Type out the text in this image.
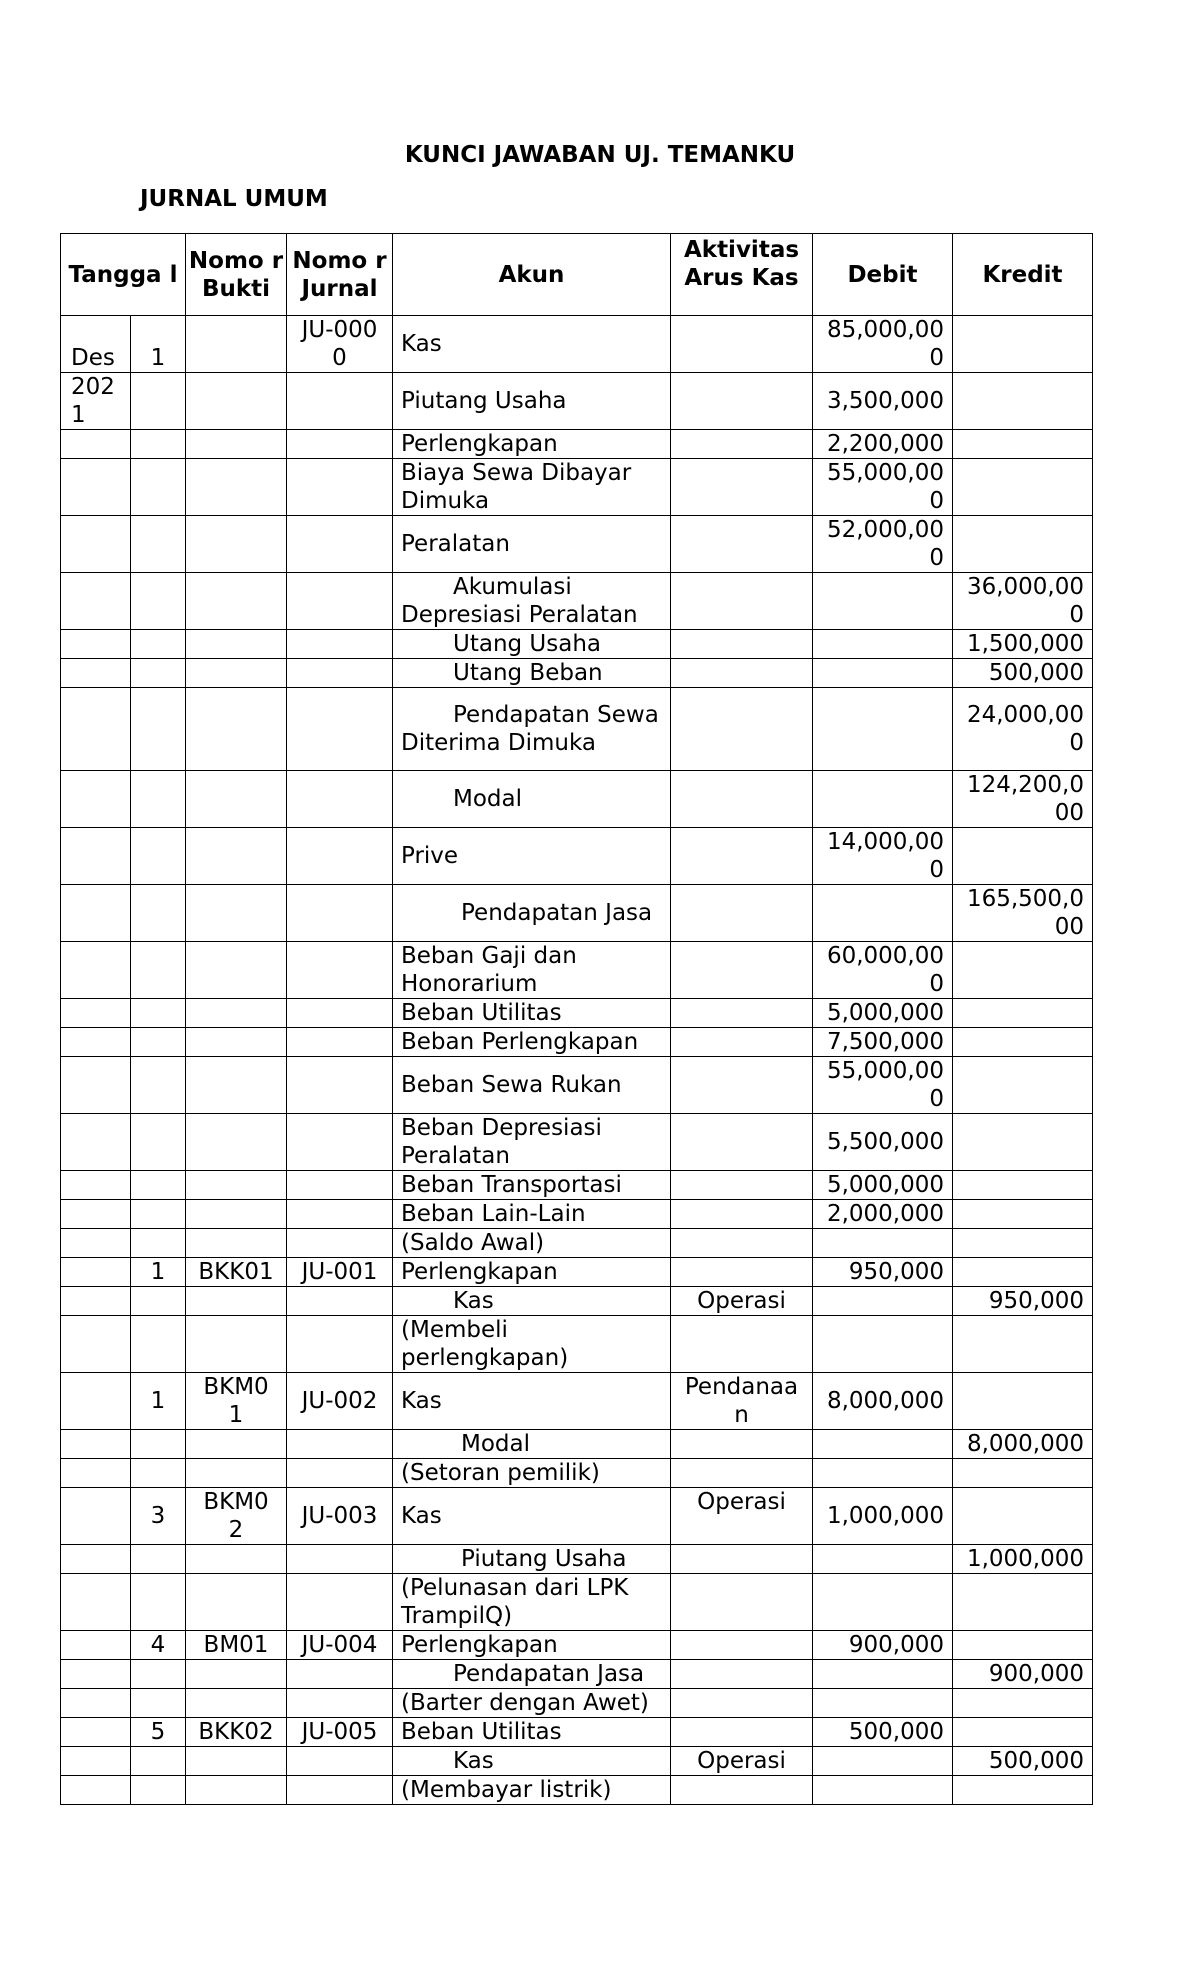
KUNCI JAWABAN UJ. TEMANKU
JURNAL UMUM
Tangga l		Nomo r Bukti	Nomo r Jurnal	Akun	Aktivitas Arus Kas	Debit	Kredit
Des	1		JU-0000	Kas		85,000,000	
2021				Piutang Usaha		3,500,000	
				Perlengkapan		2,200,000	
				Biaya Sewa Dibayar Dimuka		55,000,000	
				Peralatan		52,000,000	
				Akumulasi Depresiasi Peralatan			36,000,000
				Utang Usaha			1,500,000
				Utang Beban			500,000
				Pendapatan Sewa Diterima Dimuka			24,000,000
				Modal			124,200,000
				Prive		14,000,000	
				Pendapatan Jasa			165,500,000
				Beban Gaji dan Honorarium		60,000,000	
				Beban Utilitas		5,000,000	
				Beban Perlengkapan		7,500,000	
				Beban Sewa Rukan		55,000,000	
				Beban Depresiasi Peralatan		5,500,000	
				Beban Transportasi		5,000,000	
				Beban Lain-Lain		2,000,000	
				(Saldo Awal)			
	1	BKK01	JU-001	Perlengkapan		950,000	
				Kas	Operasi		950,000
				(Membeli perlengkapan)			
	1	BKM01	JU-002	Kas	Pendanaan	8,000,000	
				Modal			8,000,000
				(Setoran pemilik)			
	3	BKM02	JU-003	Kas	Operasi	1,000,000	
				Piutang Usaha			1,000,000
				(Pelunasan dari LPK TrampilQ)			
	4	BM01	JU-004	Perlengkapan		900,000	
				Pendapatan Jasa			900,000
				(Barter dengan Awet)			
	5	BKK02	JU-005	Beban Utilitas		500,000	
				Kas	Operasi		500,000
				(Membayar listrik)			
